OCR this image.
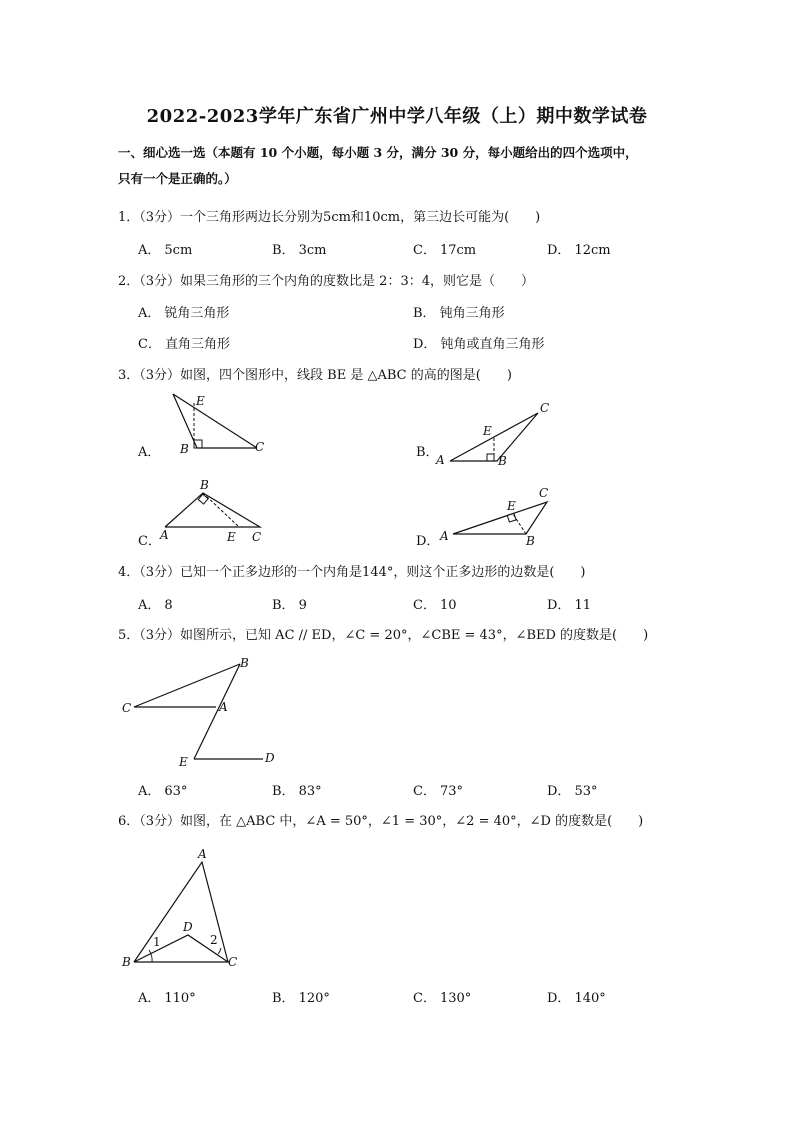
2022-2023学年广东省广州中学八年级（上）期中数学试卷
一、细心选一选（本题有 10 个小题，每小题 3 分，满分 30 分，每小题给出的四个选项中，
只有一个是正确的。）
1．（3分）一个三角形两边长分别为5cm和10cm，第三边长可能为(　　)
A． 5cm	B． 3cm	C． 17cm	D． 12cm
2．（3分）如果三角形的三个内角的度数比是 2：3：4，则它是（　　）
A． 锐角三角形	B． 钝角三角形
C． 直角三角形	D． 钝角或直角三角形
3．（3分）如图，四个图形中，线段 BE 是 △ABC 的高的图是(　　)
A．
E
B	C	B．
C
E
A	B
C．
B
A	E C	D．
E
C
A	B
4．（3分）已知一个正多边形的一个内角是144°，则这个正多边形的边数是(　　)
A． 8	B． 9	C． 10	D． 11
5．（3分）如图所示，已知 AC // ED，∠C = 20°，∠CBE = 43°，∠BED 的度数是(　　)
B
C	A
E	D
A． 63°	B． 83°	C． 73°	D． 53°
6．（3分）如图，在 △ABC 中，∠A = 50°，∠1 = 30°，∠2 = 40°，∠D 的度数是(　　)
A
D
1	2
B	C
A． 110°	B． 120°	C． 130°	D． 140°
